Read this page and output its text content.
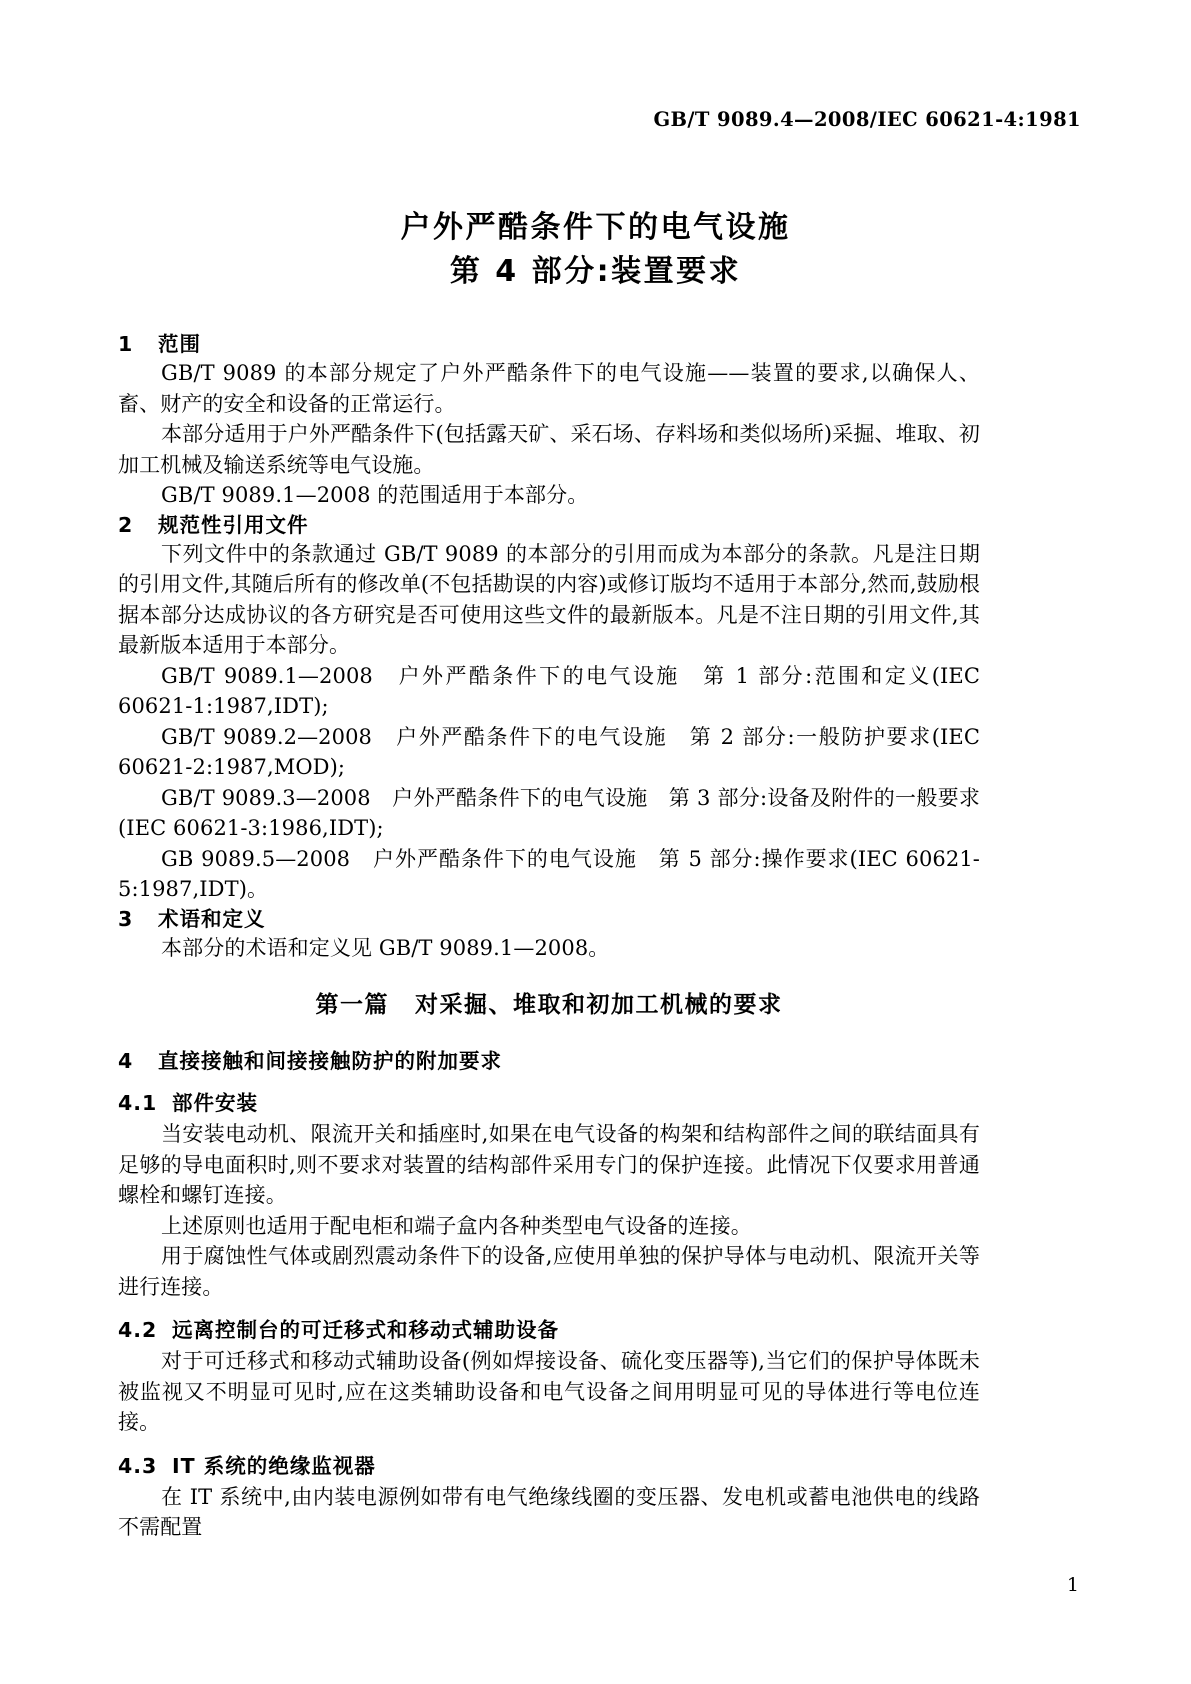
GB/T 9089.4—2008/IEC 60621-4:1981
户外严酷条件下的电气设施
第 4 部分:装置要求
1 范围

GB/T 9089 的本部分规定了户外严酷条件下的电气设施——装置的要求,以确保人、畜、财产的安全和设备的正常运行。

本部分适用于户外严酷条件下(包括露天矿、采石场、存料场和类似场所)采掘、堆取、初加工机械及输送系统等电气设施。

GB/T 9089.1—2008 的范围适用于本部分。

2 规范性引用文件

下列文件中的条款通过 GB/T 9089 的本部分的引用而成为本部分的条款。凡是注日期的引用文件,其随后所有的修改单(不包括勘误的内容)或修订版均不适用于本部分,然而,鼓励根据本部分达成协议的各方研究是否可使用这些文件的最新版本。凡是不注日期的引用文件,其最新版本适用于本部分。

GB/T 9089.1—2008　户外严酷条件下的电气设施　第 1 部分:范围和定义(IEC 60621-1:1987,IDT);

GB/T 9089.2—2008　户外严酷条件下的电气设施　第 2 部分:一般防护要求(IEC 60621-2:1987,MOD);

GB/T 9089.3—2008　户外严酷条件下的电气设施　第 3 部分:设备及附件的一般要求(IEC 60621-3:1986,IDT);

GB 9089.5—2008　户外严酷条件下的电气设施　第 5 部分:操作要求(IEC 60621-5:1987,IDT)。

3 术语和定义

本部分的术语和定义见 GB/T 9089.1—2008。

第一篇 对采掘、堆取和初加工机械的要求
4 直接接触和间接接触防护的附加要求
4.1 部件安装

当安装电动机、限流开关和插座时,如果在电气设备的构架和结构部件之间的联结面具有足够的导电面积时,则不要求对装置的结构部件采用专门的保护连接。此情况下仅要求用普通螺栓和螺钉连接。

上述原则也适用于配电柜和端子盒内各种类型电气设备的连接。

用于腐蚀性气体或剧烈震动条件下的设备,应使用单独的保护导体与电动机、限流开关等进行连接。

4.2 远离控制台的可迁移式和移动式辅助设备

对于可迁移式和移动式辅助设备(例如焊接设备、硫化变压器等),当它们的保护导体既未被监视又不明显可见时,应在这类辅助设备和电气设备之间用明显可见的导体进行等电位连接。

4.3 IT 系统的绝缘监视器

在 IT 系统中,由内装电源例如带有电气绝缘线圈的变压器、发电机或蓄电池供电的线路不需配置

1
